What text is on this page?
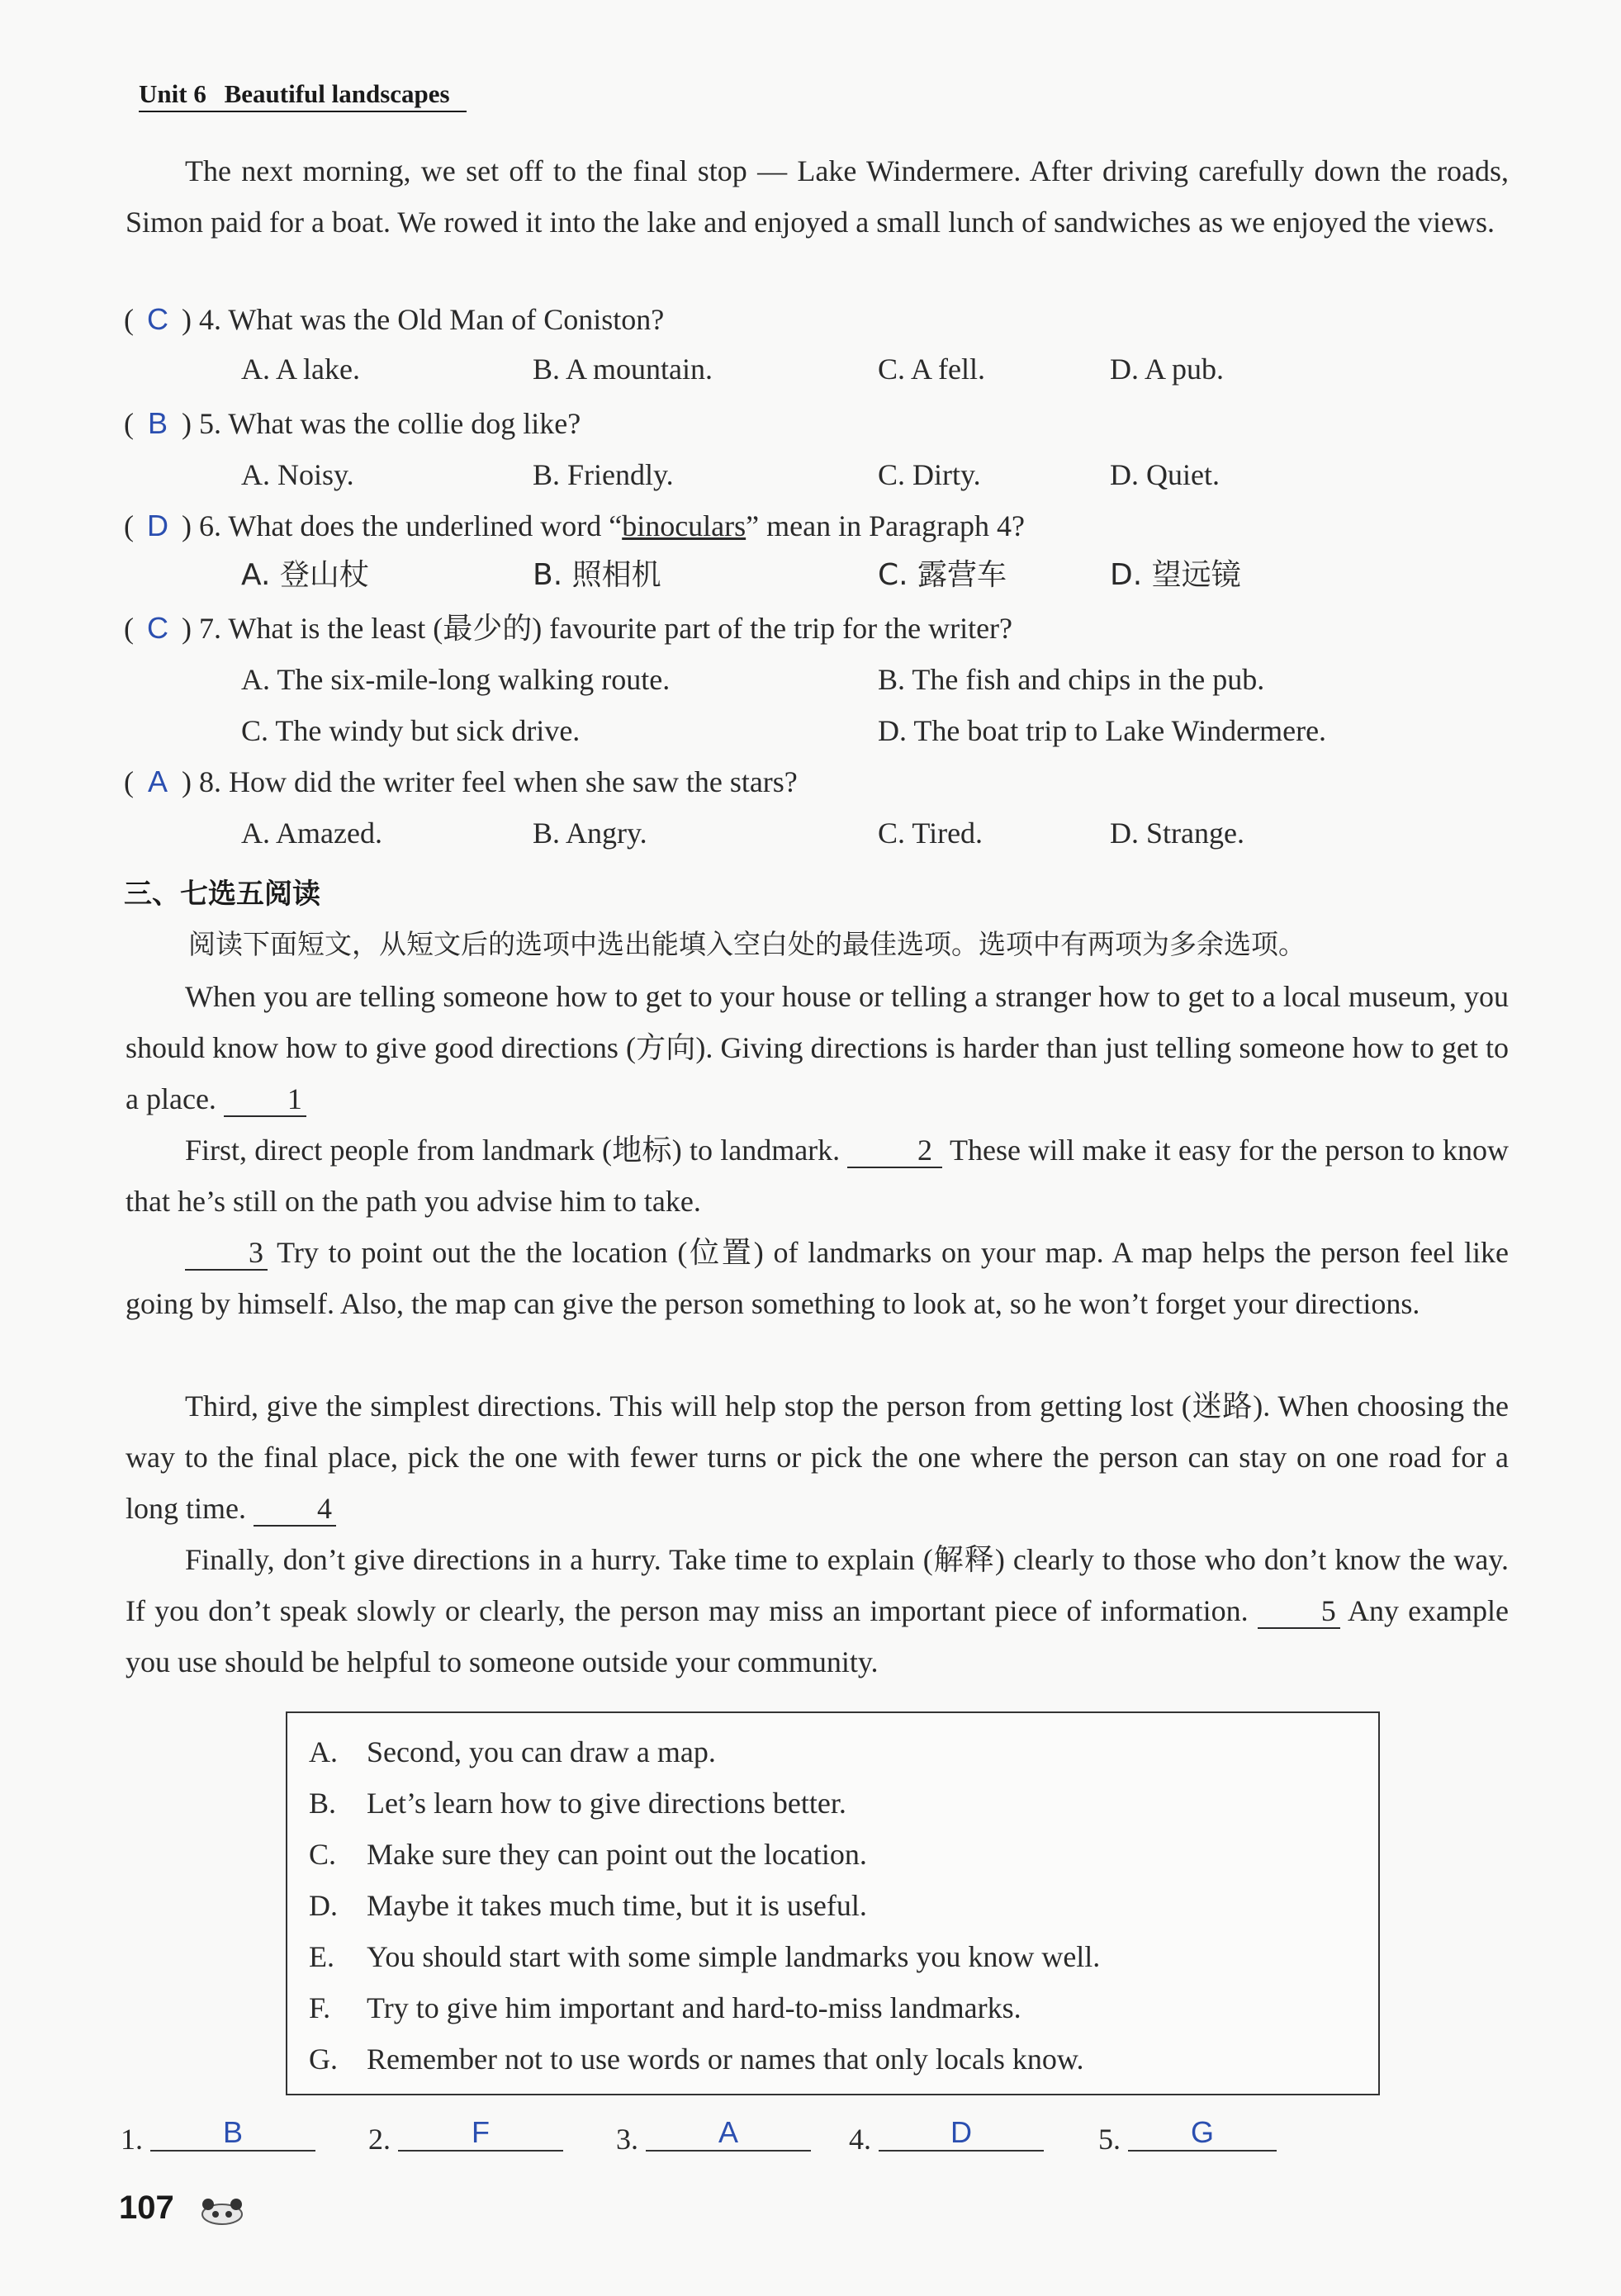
Unit 6 Beautiful landscapes
The next morning, we set off to the final stop — Lake Windermere. After driving carefully down the roads, Simon paid for a boat. We rowed it into the lake and enjoyed a small lunch of sandwiches as we enjoyed the views.
( C ) 4. What was the Old Man of Coniston?
A. A lake.	B. A mountain.	C. A fell.	D. A pub.
( B ) 5. What was the collie dog like?
A. Noisy.	B. Friendly.	C. Dirty.	D. Quiet.
( D ) 6. What does the underlined word “binoculars” mean in Paragraph 4?
A. 登山杖	B. 照相机	C. 露营车	D. 望远镜
( C ) 7. What is the least (最少的) favourite part of the trip for the writer?
A. The six-mile-long walking route.	B. The fish and chips in the pub.
C. The windy but sick drive.	D. The boat trip to Lake Windermere.
( A ) 8. How did the writer feel when she saw the stars?
A. Amazed.	B. Angry.	C. Tired.	D. Strange.
三、七选五阅读
阅读下面短文，从短文后的选项中选出能填入空白处的最佳选项。选项中有两项为多余选项。
When you are telling someone how to get to your house or telling a stranger how to get to a local museum, you should know how to give good directions (方向). Giving directions is harder than just telling someone how to get to a place. 1
First, direct people from landmark (地标) to landmark.	2 These will make it easy for the person to know that he’s still on the path you advise him to take.
3 Try to point out the the location (位置) of landmarks on your map. A map helps the person feel like going by himself. Also, the map can give the person something to look at, so he won’t forget your directions.
Third, give the simplest directions. This will help stop the person from getting lost (迷路). When choosing the way to the final place, pick the one with fewer turns or pick the one where the person can stay on one road for a long time. 4
Finally, don’t give directions in a hurry. Take time to explain (解释) clearly to those who don’t know the way. If you don’t speak slowly or clearly, the person may miss an important piece of information. 5 Any example you use should be helpful to someone outside your community.
A. Second, you can draw a map.
B. Let’s learn how to give directions better.
C. Make sure they can point out the location.
D. Maybe it takes much time, but it is useful.
E. You should start with some simple landmarks you know well.
F. Try to give him important and hard-to-miss landmarks.
G. Remember not to use words or names that only locals know.
1.	B	2.	F	3.	A	4.	D	5. G
107
